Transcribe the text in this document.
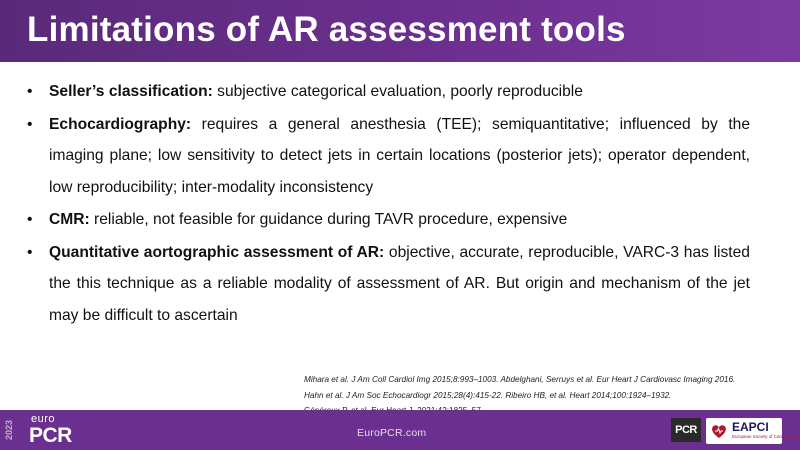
Limitations of AR assessment tools
• Seller’s classification: subjective categorical evaluation, poorly reproducible
• Echocardiography: requires a general anesthesia (TEE); semiquantitative; influenced by the imaging plane; low sensitivity to detect jets in certain locations (posterior jets); operator dependent, low reproducibility; inter-modality inconsistency
• CMR: reliable, not feasible for guidance during TAVR procedure, expensive
• Quantitative aortographic assessment of AR: objective, accurate, reproducible, VARC-3 has listed the this technique as a reliable modality of assessment of AR. But origin and mechanism of the jet may be difficult to ascertain
Mihara et al. J Am Coll Cardiol Img 2015;8:993–1003. Abdelghani, Serruys et al. Eur Heart J Cardiovasc Imaging 2016.
Hahn et al. J Am Soc Echocardiogr 2015;28(4):415-22. Ribeiro HB, et al. Heart 2014;100:1924–1932.
2023
euro
PCR	EuroPCR.com	PCR	EAPCI
European Society of Cardiology
